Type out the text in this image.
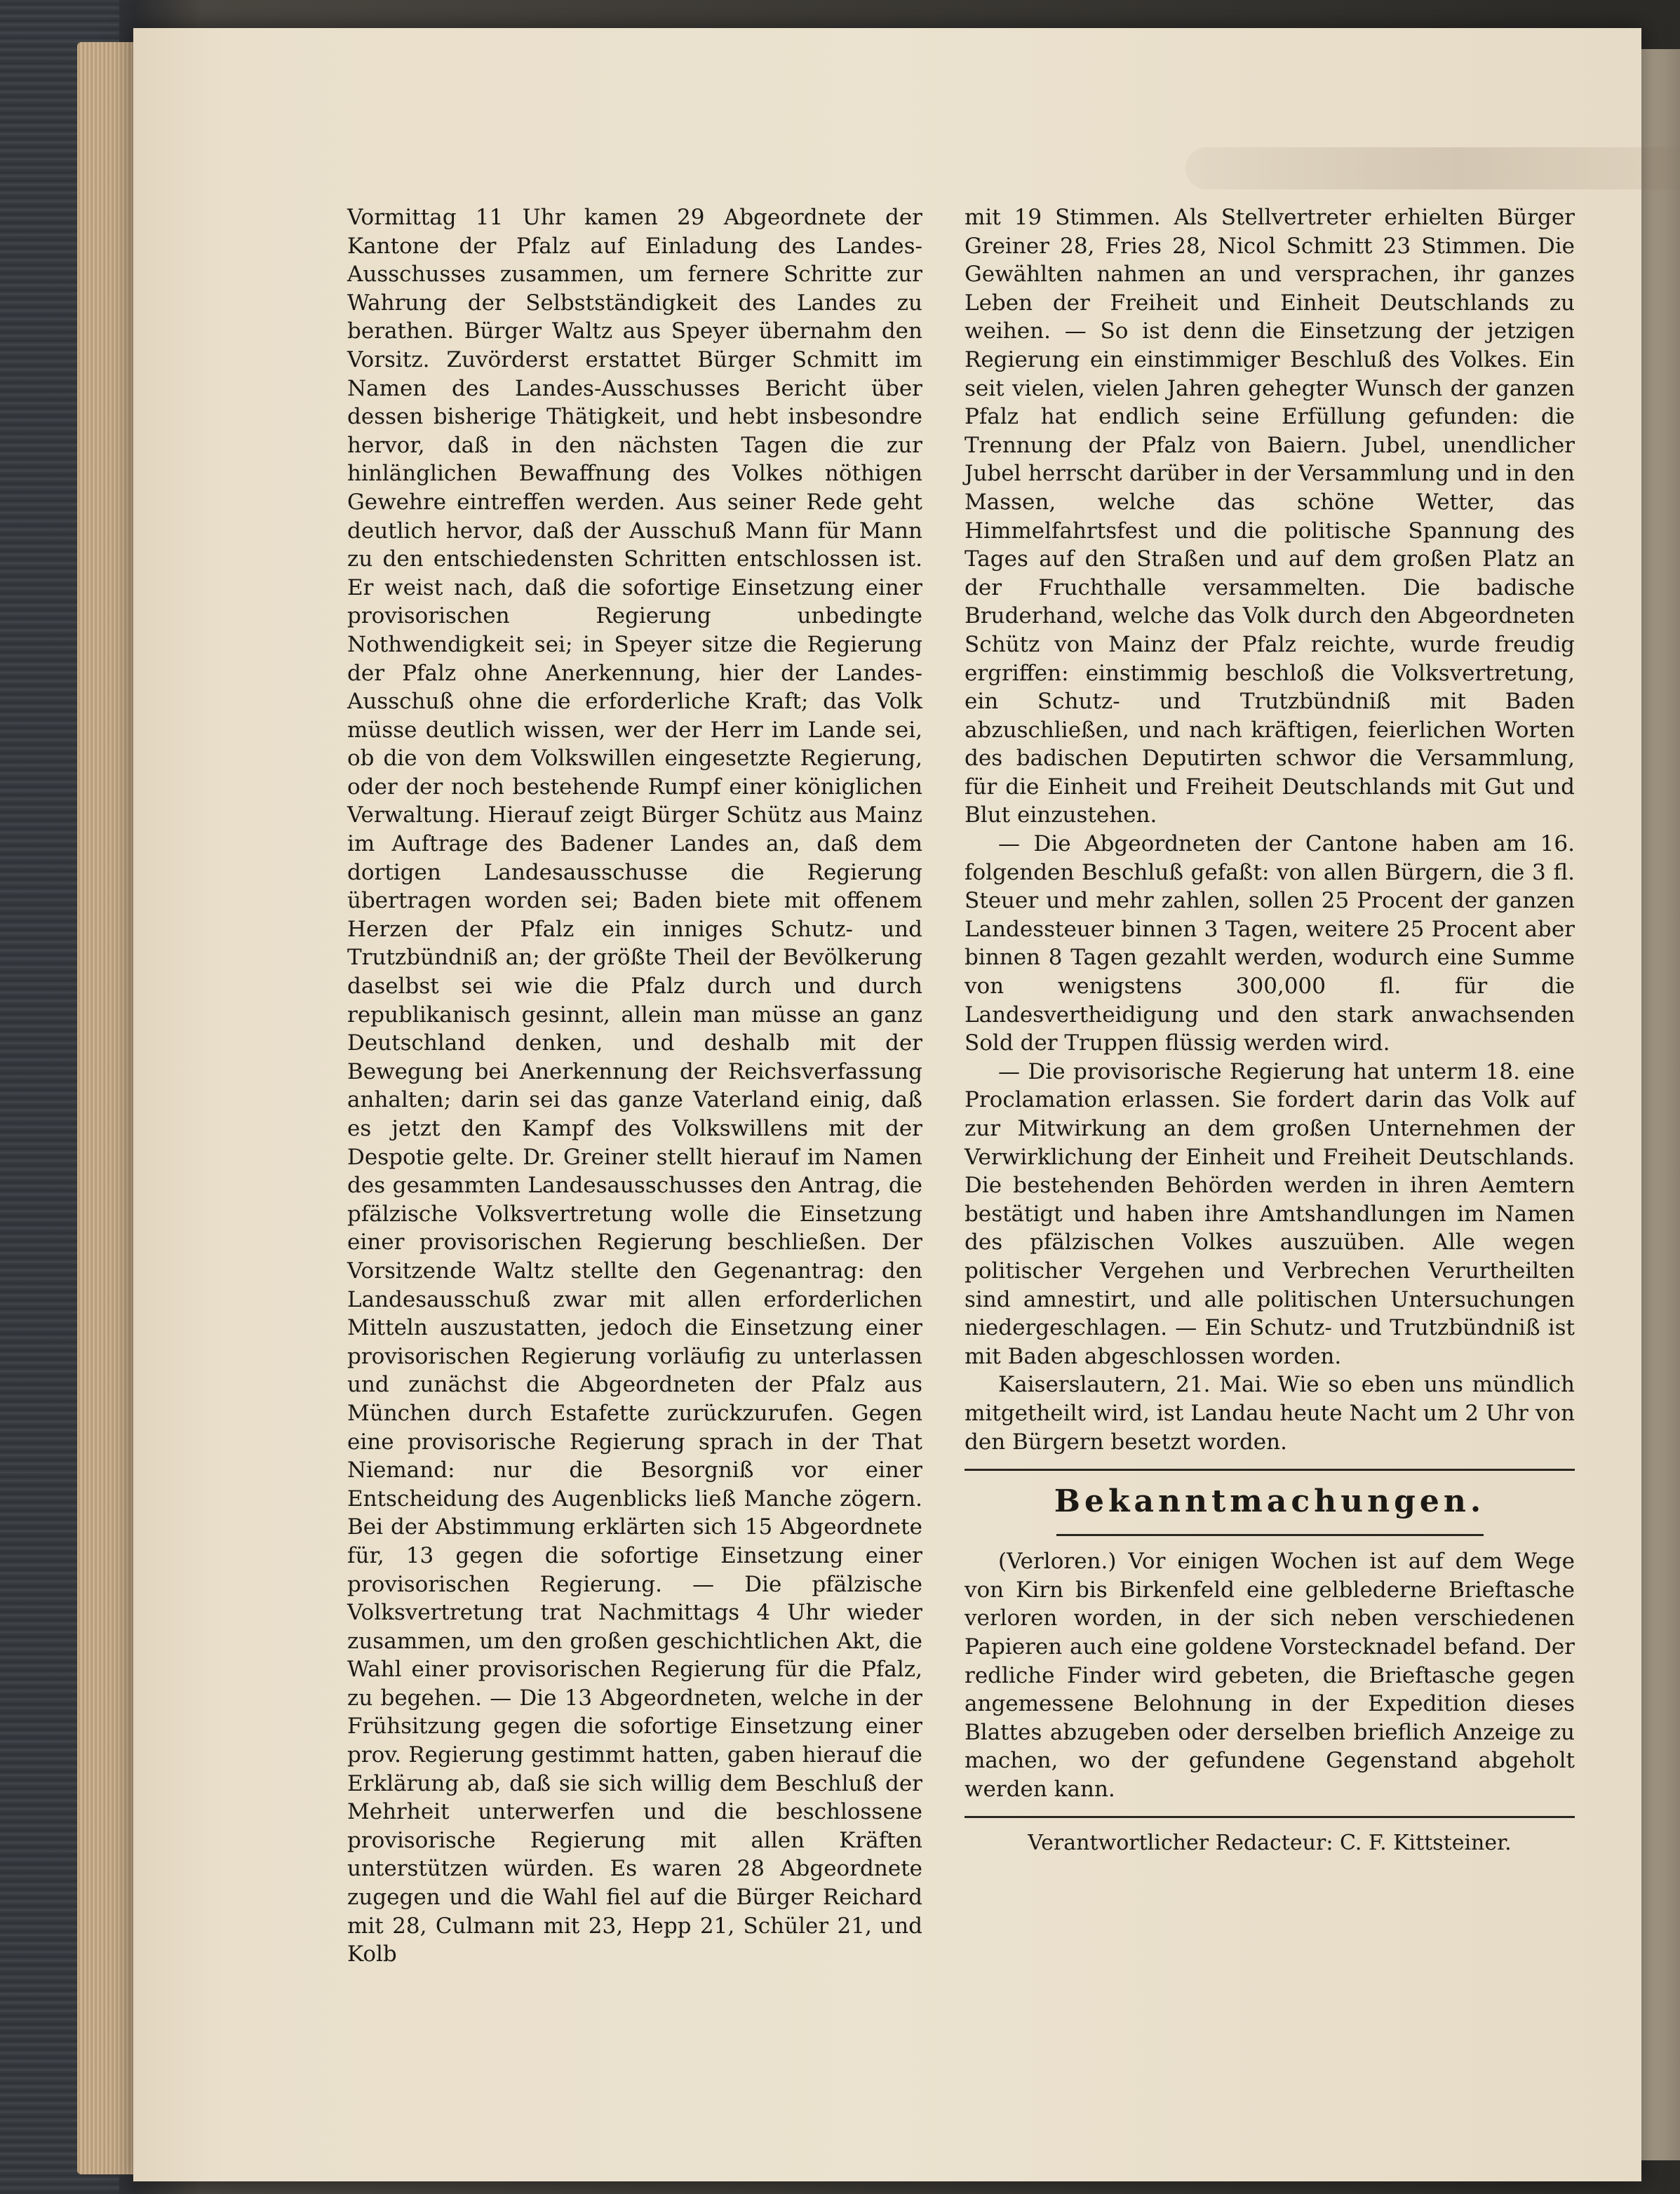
Vormittag 11 Uhr kamen 29 Abgeordnete der Kantone der Pfalz auf Einladung des Landes-Ausschusses zusammen, um fernere Schritte zur Wahrung der Selbstständigkeit des Landes zu berathen. Bürger Waltz aus Speyer übernahm den Vorsitz. Zuvörderst erstattet Bürger Schmitt im Namen des Landes-Ausschusses Bericht über dessen bisherige Thätigkeit, und hebt insbesondre hervor, daß in den nächsten Tagen die zur hinlänglichen Bewaffnung des Volkes nöthigen Gewehre eintreffen werden. Aus seiner Rede geht deutlich hervor, daß der Ausschuß Mann für Mann zu den entschiedensten Schritten entschlossen ist. Er weist nach, daß die sofortige Einsetzung einer provisorischen Regierung unbedingte Nothwendigkeit sei; in Speyer sitze die Regierung der Pfalz ohne Anerkennung, hier der Landes-Ausschuß ohne die erforderliche Kraft; das Volk müsse deutlich wissen, wer der Herr im Lande sei, ob die von dem Volkswillen eingesetzte Regierung, oder der noch bestehende Rumpf einer königlichen Verwaltung. Hierauf zeigt Bürger Schütz aus Mainz im Auftrage des Badener Landes an, daß dem dortigen Landesausschusse die Regierung übertragen worden sei; Baden biete mit offenem Herzen der Pfalz ein inniges Schutz- und Trutzbündniß an; der größte Theil der Bevölkerung daselbst sei wie die Pfalz durch und durch republikanisch gesinnt, allein man müsse an ganz Deutschland denken, und deshalb mit der Bewegung bei Anerkennung der Reichsverfassung anhalten; darin sei das ganze Vaterland einig, daß es jetzt den Kampf des Volkswillens mit der Despotie gelte. Dr. Greiner stellt hierauf im Namen des gesammten Landesausschusses den Antrag, die pfälzische Volksvertretung wolle die Einsetzung einer provisorischen Regierung beschließen. Der Vorsitzende Waltz stellte den Gegenantrag: den Landesausschuß zwar mit allen erforderlichen Mitteln auszustatten, jedoch die Einsetzung einer provisorischen Regierung vorläufig zu unterlassen und zunächst die Abgeordneten der Pfalz aus München durch Estafette zurückzurufen. Gegen eine provisorische Regierung sprach in der That Niemand: nur die Besorgniß vor einer Entscheidung des Augenblicks ließ Manche zögern. Bei der Abstimmung erklärten sich 15 Abgeordnete für, 13 gegen die sofortige Einsetzung einer provisorischen Regierung. — Die pfälzische Volksvertretung trat Nachmittags 4 Uhr wieder zusammen, um den großen geschichtlichen Akt, die Wahl einer provisorischen Regierung für die Pfalz, zu begehen. — Die 13 Abgeordneten, welche in der Frühsitzung gegen die sofortige Einsetzung einer prov. Regierung gestimmt hatten, gaben hierauf die Erklärung ab, daß sie sich willig dem Beschluß der Mehrheit unterwerfen und die beschlossene provisorische Regierung mit allen Kräften unterstützen würden. Es waren 28 Abgeordnete zugegen und die Wahl fiel auf die Bürger Reichard mit 28, Culmann mit 23, Hepp 21, Schüler 21, und Kolb

mit 19 Stimmen. Als Stellvertreter erhielten Bürger Greiner 28, Fries 28, Nicol Schmitt 23 Stimmen. Die Gewählten nahmen an und versprachen, ihr ganzes Leben der Freiheit und Einheit Deutschlands zu weihen. — So ist denn die Einsetzung der jetzigen Regierung ein einstimmiger Beschluß des Volkes. Ein seit vielen, vielen Jahren gehegter Wunsch der ganzen Pfalz hat endlich seine Erfüllung gefunden: die Trennung der Pfalz von Baiern. Jubel, unendlicher Jubel herrscht darüber in der Versammlung und in den Massen, welche das schöne Wetter, das Himmelfahrtsfest und die politische Spannung des Tages auf den Straßen und auf dem großen Platz an der Fruchthalle versammelten. Die badische Bruderhand, welche das Volk durch den Abgeordneten Schütz von Mainz der Pfalz reichte, wurde freudig ergriffen: einstimmig beschloß die Volksvertretung, ein Schutz- und Trutzbündniß mit Baden abzuschließen, und nach kräftigen, feierlichen Worten des badischen Deputirten schwor die Versammlung, für die Einheit und Freiheit Deutschlands mit Gut und Blut einzustehen.

— Die Abgeordneten der Cantone haben am 16. folgenden Beschluß gefaßt: von allen Bürgern, die 3 fl. Steuer und mehr zahlen, sollen 25 Procent der ganzen Landessteuer binnen 3 Tagen, weitere 25 Procent aber binnen 8 Tagen gezahlt werden, wodurch eine Summe von wenigstens 300,000 fl. für die Landesvertheidigung und den stark anwachsenden Sold der Truppen flüssig werden wird.

— Die provisorische Regierung hat unterm 18. eine Proclamation erlassen. Sie fordert darin das Volk auf zur Mitwirkung an dem großen Unternehmen der Verwirklichung der Einheit und Freiheit Deutschlands. Die bestehenden Behörden werden in ihren Aemtern bestätigt und haben ihre Amtshandlungen im Namen des pfälzischen Volkes auszuüben. Alle wegen politischer Vergehen und Verbrechen Verurtheilten sind amnestirt, und alle politischen Untersuchungen niedergeschlagen. — Ein Schutz- und Trutzbündniß ist mit Baden abgeschlossen worden.

Kaiserslautern, 21. Mai. Wie so eben uns mündlich mitgetheilt wird, ist Landau heute Nacht um 2 Uhr von den Bürgern besetzt worden.

Bekanntmachungen.

(Verloren.) Vor einigen Wochen ist auf dem Wege von Kirn bis Birkenfeld eine gelblederne Brieftasche verloren worden, in der sich neben verschiedenen Papieren auch eine goldene Vorstecknadel befand. Der redliche Finder wird gebeten, die Brieftasche gegen angemessene Belohnung in der Expedition dieses Blattes abzugeben oder derselben brieflich Anzeige zu machen, wo der gefundene Gegenstand abgeholt werden kann.

Verantwortlicher Redacteur: C. F. Kittsteiner.
